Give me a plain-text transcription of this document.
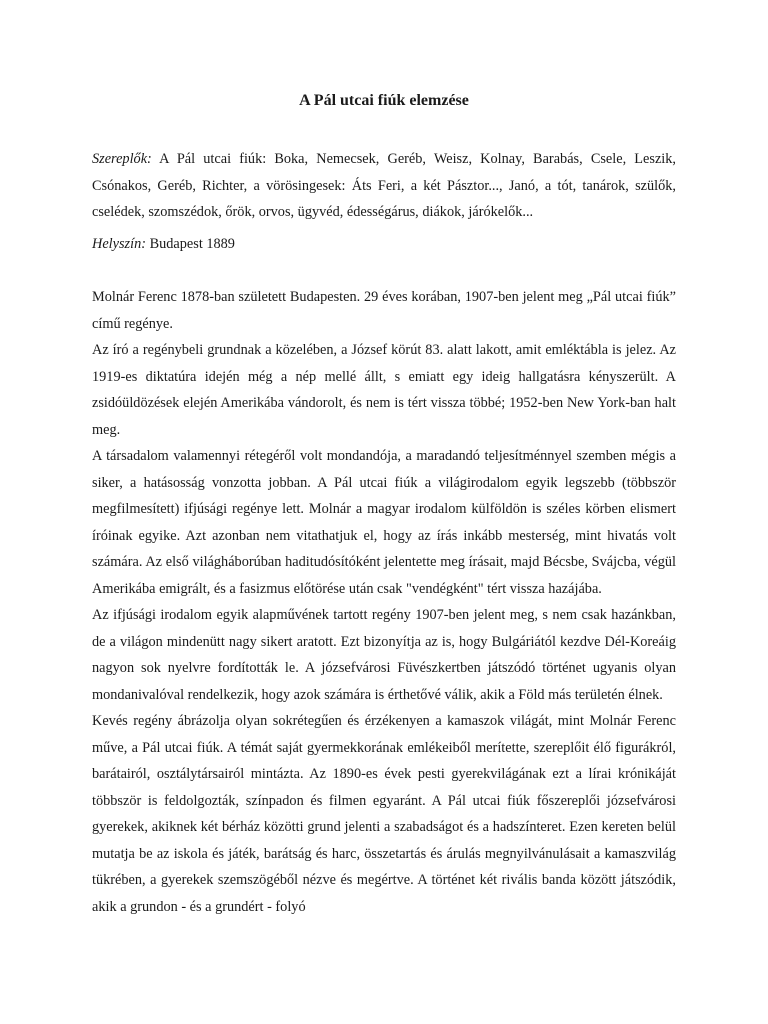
A Pál utcai fiúk elemzése

Szereplők: A Pál utcai fiúk: Boka, Nemecsek, Geréb, Weisz, Kolnay, Barabás, Csele, Leszik, Csónakos, Geréb, Richter, a vörösingesek: Áts Feri, a két Pásztor..., Janó, a tót, tanárok, szülők, cselédek, szomszédok, őrök, orvos, ügyvéd, édességárus, diákok, járókelők...

Helyszín: Budapest 1889

Molnár Ferenc 1878-ban született Budapesten. 29 éves korában, 1907-ben jelent meg „Pál utcai fiúk” című regénye.

Az író a regénybeli grundnak a közelében, a József körút 83. alatt lakott, amit emléktábla is jelez. Az 1919-es diktatúra idején még a nép mellé állt, s emiatt egy ideig hallgatásra kényszerült. A zsidóüldözések elején Amerikába vándorolt, és nem is tért vissza többé; 1952-ben New York-ban halt meg.

A társadalom valamennyi rétegéről volt mondandója, a maradandó teljesítménnyel szemben mégis a siker, a hatásosság vonzotta jobban. A Pál utcai fiúk a világirodalom egyik legszebb (többször megfilmesített) ifjúsági regénye lett. Molnár a magyar irodalom külföldön is széles körben elismert íróinak egyike. Azt azonban nem vitathatjuk el, hogy az írás inkább mesterség, mint hivatás volt számára. Az első világháborúban haditudósítóként jelentette meg írásait, majd Bécsbe, Svájcba, végül Amerikába emigrált, és a fasizmus előtörése után csak "vendégként" tért vissza hazájába.

Az ifjúsági irodalom egyik alapművének tartott regény 1907-ben jelent meg, s nem csak hazánkban, de a világon mindenütt nagy sikert aratott. Ezt bizonyítja az is, hogy Bulgáriától kezdve Dél-Koreáig nagyon sok nyelvre fordították le. A józsefvárosi Füvészkertben játszódó történet ugyanis olyan mondanivalóval rendelkezik, hogy azok számára is érthetővé válik, akik a Föld más területén élnek.

Kevés regény ábrázolja olyan sokrétegűen és érzékenyen a kamaszok világát, mint Molnár Ferenc műve, a Pál utcai fiúk. A témát saját gyermekkorának emlékeiből merítette, szereplőit élő figurákról, barátairól, osztálytársairól mintázta. Az 1890-es évek pesti gyerekvilágának ezt a lírai krónikáját többször is feldolgozták, színpadon és filmen egyaránt. A Pál utcai fiúk főszereplői józsefvárosi gyerekek, akiknek két bérház közötti grund jelenti a szabadságot és a hadszínteret. Ezen kereten belül mutatja be az iskola és játék, barátság és harc, összetartás és árulás megnyilvánulásait a kamaszvilág tükrében, a gyerekek szemszögéből nézve és megértve. A történet két rivális banda között játszódik, akik a grundon - és a grundért - folyó
